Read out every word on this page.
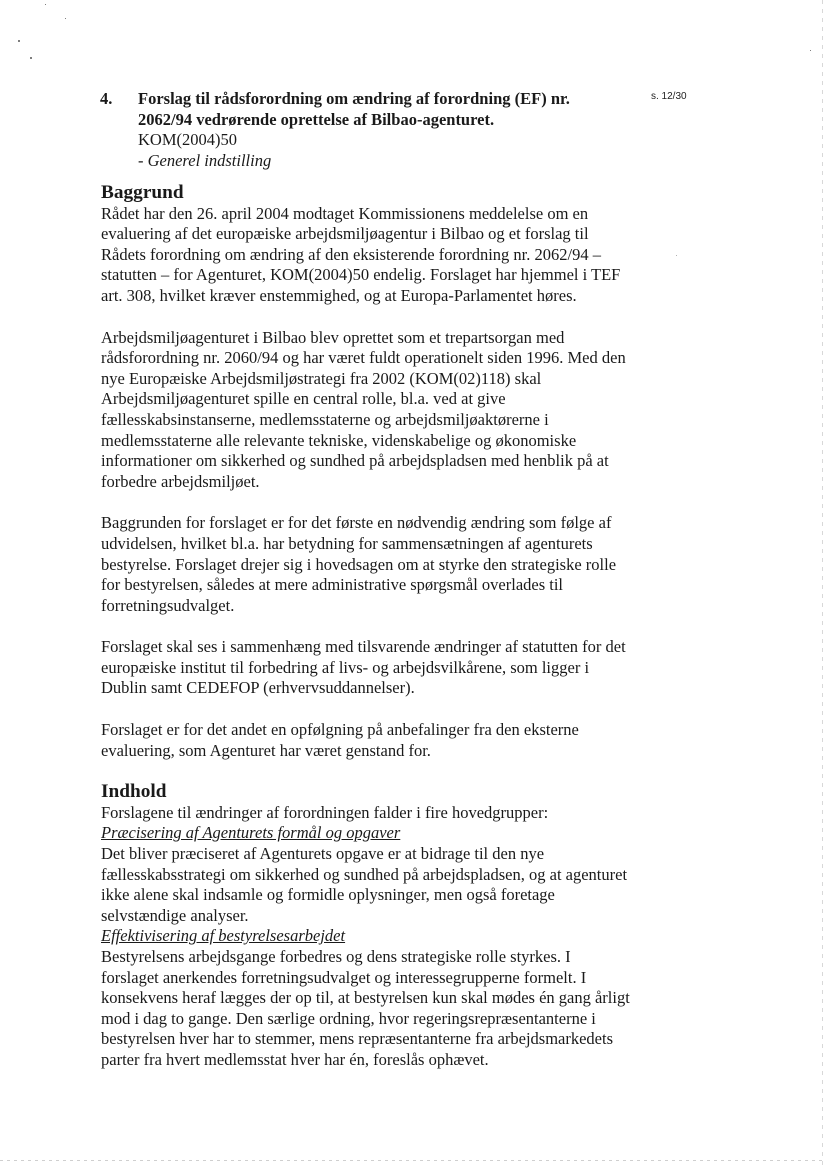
s. 12/30
4. Forslag til rådsforordning om ændring af forordning (EF) nr.
2062/94 vedrørende oprettelse af Bilbao-agenturet.
KOM(2004)50
- Generel indstilling
Baggrund

Rådet har den 26. april 2004 modtaget Kommissionens meddelelse om en evaluering af det europæiske arbejdsmiljøagentur i Bilbao og et forslag til Rådets forordning om ændring af den eksisterende forordning nr. 2062/94 – statutten – for Agenturet, KOM(2004)50 endelig. Forslaget har hjemmel i TEF art. 308, hvilket kræver enstemmighed, og at Europa-Parlamentet høres.

Arbejdsmiljøagenturet i Bilbao blev oprettet som et trepartsorgan med rådsforordning nr. 2060/94 og har været fuldt operationelt siden 1996. Med den nye Europæiske Arbejdsmiljøstrategi fra 2002 (KOM(02)118) skal Arbejdsmiljøagenturet spille en central rolle, bl.a. ved at give fællesskabsinstanserne, medlemsstaterne og arbejdsmiljøaktørerne i medlemsstaterne alle relevante tekniske, videnskabelige og økonomiske informationer om sikkerhed og sundhed på arbejdspladsen med henblik på at forbedre arbejdsmiljøet.

Baggrunden for forslaget er for det første en nødvendig ændring som følge af udvidelsen, hvilket bl.a. har betydning for sammensætningen af agenturets bestyrelse. Forslaget drejer sig i hovedsagen om at styrke den strategiske rolle for bestyrelsen, således at mere administrative spørgsmål overlades til forretningsudvalget.

Forslaget skal ses i sammenhæng med tilsvarende ændringer af statutten for det europæiske institut til forbedring af livs- og arbejdsvilkårene, som ligger i Dublin samt CEDEFOP (erhvervsuddannelser).

Forslaget er for det andet en opfølgning på anbefalinger fra den eksterne evaluering, som Agenturet har været genstand for.

Indhold

Forslagene til ændringer af forordningen falder i fire hovedgrupper:

Præcisering af Agenturets formål og opgaver

Det bliver præciseret af Agenturets opgave er at bidrage til den nye fællesskabsstrategi om sikkerhed og sundhed på arbejdspladsen, og at agenturet ikke alene skal indsamle og formidle oplysninger, men også foretage selvstændige analyser.

Effektivisering af bestyrelsesarbejdet

Bestyrelsens arbejdsgange forbedres og dens strategiske rolle styrkes. I forslaget anerkendes forretningsudvalget og interessegrupperne formelt. I konsekvens heraf lægges der op til, at bestyrelsen kun skal mødes én gang årligt mod i dag to gange. Den særlige ordning, hvor regeringsrepræsentanterne i bestyrelsen hver har to stemmer, mens repræsentanterne fra arbejdsmarkedets parter fra hvert medlemsstat hver har én, foreslås ophævet.
